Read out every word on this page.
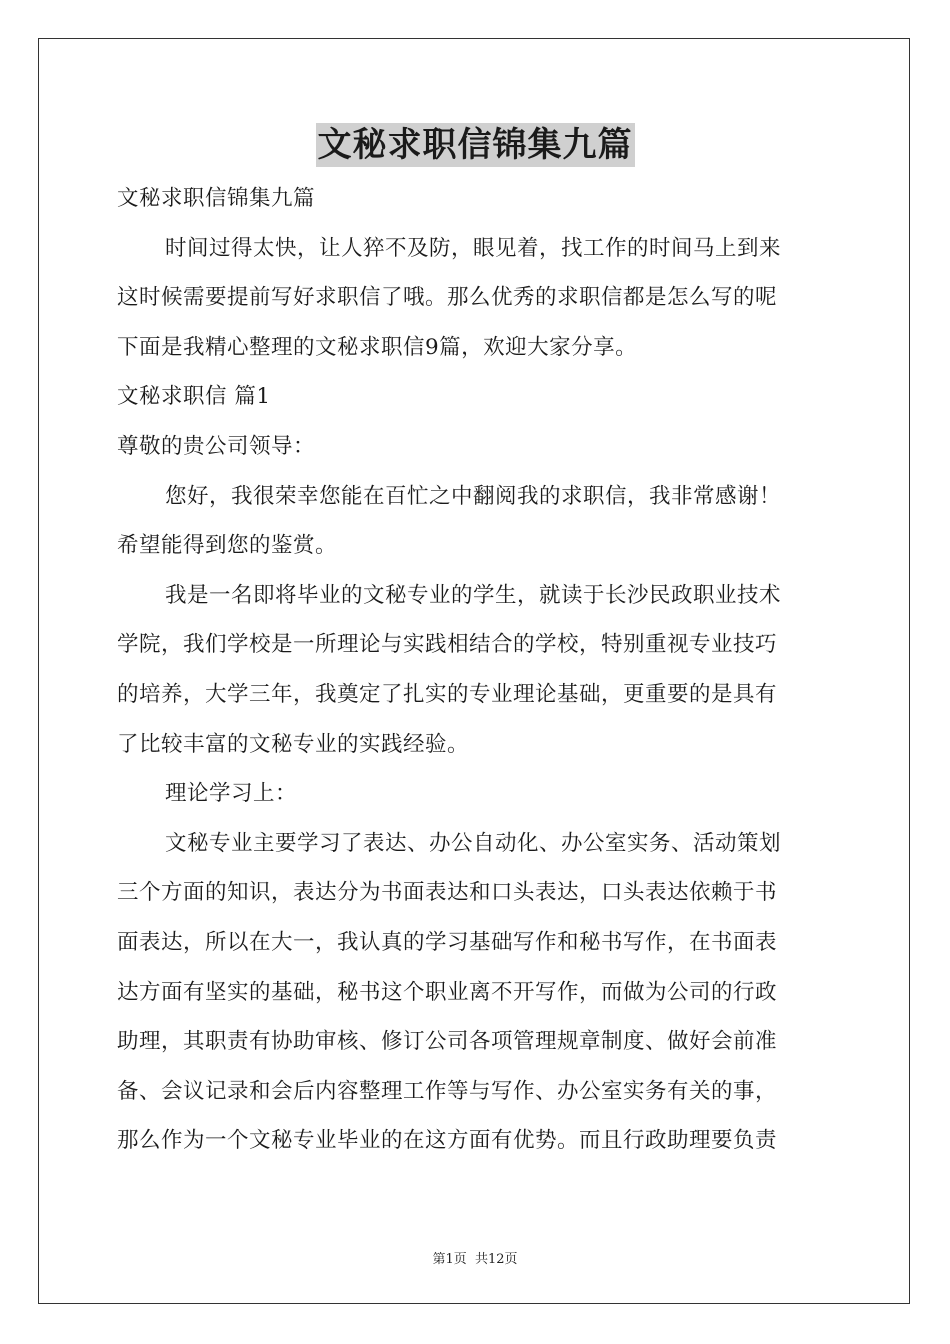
文秘求职信锦集九篇
文秘求职信锦集九篇
时间过得太快，让人猝不及防，眼见着，找工作的时间马上到来
这时候需要提前写好求职信了哦。那么优秀的求职信都是怎么写的呢
下面是我精心整理的文秘求职信9篇，欢迎大家分享。
文秘求职信 篇1
尊敬的贵公司领导：
您好，我很荣幸您能在百忙之中翻阅我的求职信，我非常感谢！
希望能得到您的鉴赏。
我是一名即将毕业的文秘专业的学生，就读于长沙民政职业技术
学院，我们学校是一所理论与实践相结合的学校，特别重视专业技巧
的培养，大学三年，我奠定了扎实的专业理论基础，更重要的是具有
了比较丰富的文秘专业的实践经验。
理论学习上：
文秘专业主要学习了表达、办公自动化、办公室实务、活动策划
三个方面的知识，表达分为书面表达和口头表达，口头表达依赖于书
面表达，所以在大一，我认真的学习基础写作和秘书写作，在书面表
达方面有坚实的基础，秘书这个职业离不开写作，而做为公司的行政
助理，其职责有协助审核、修订公司各项管理规章制度、做好会前准
备、会议记录和会后内容整理工作等与写作、办公室实务有关的事，
那么作为一个文秘专业毕业的在这方面有优势。而且行政助理要负责
第1页 共12页
